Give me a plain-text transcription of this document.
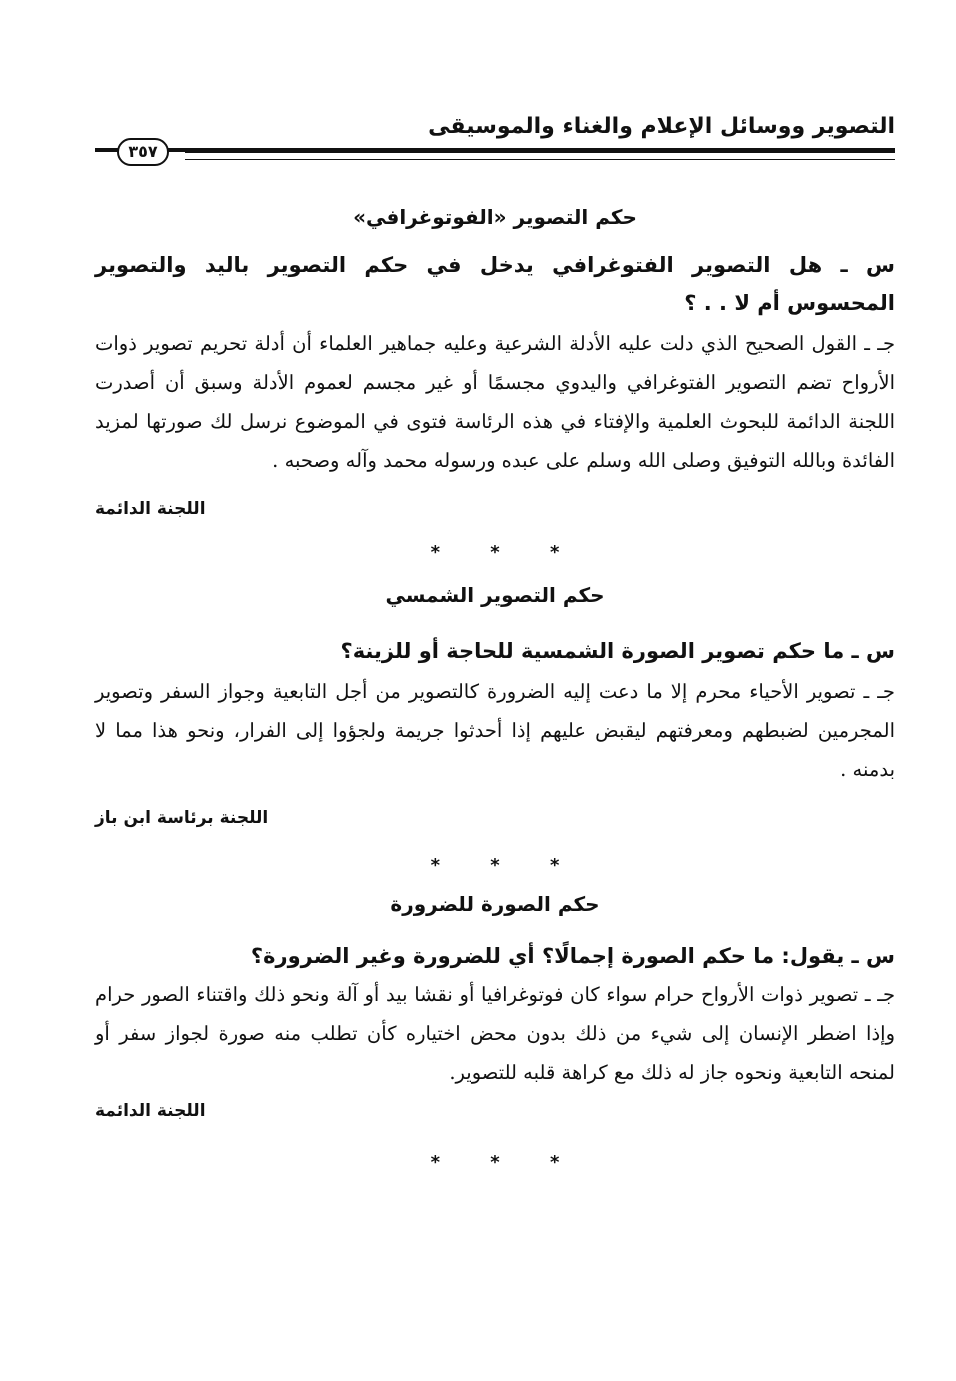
التصوير ووسائل الإعلام والغناء والموسيقى
٣٥٧
حكم التصوير «الفوتوغرافي»

س ـ هل التصوير الفتوغرافي يدخل في حكم التصوير باليد والتصوير المحسوس أم لا . . ؟

جـ ـ القول الصحيح الذي دلت عليه الأدلة الشرعية وعليه جماهير العلماء أن أدلة تحريم تصوير ذوات الأرواح تضم التصوير الفتوغرافي واليدوي مجسمًا أو غير مجسم لعموم الأدلة وسبق أن أصدرت اللجنة الدائمة للبحوث العلمية والإفتاء في هذه الرئاسة فتوى في الموضوع نرسل لك صورتها لمزيد الفائدة وبالله التوفيق وصلى الله وسلم على عبده ورسوله محمد وآله وصحبه .

اللجنة الدائمة

* * *

حكم التصوير الشمسي

س ـ ما حكم تصوير الصورة الشمسية للحاجة أو للزينة؟

جـ ـ تصوير الأحياء محرم إلا ما دعت إليه الضرورة كالتصوير من أجل التابعية وجواز السفر وتصوير المجرمين لضبطهم ومعرفتهم ليقبض عليهم إذا أحدثوا جريمة ولجؤوا إلى الفرار، ونحو هذا مما لا بدمنه .

اللجنة برئاسة ابن باز

* * *

حكم الصورة للضرورة

س ـ يقول: ما حكم الصورة إجمالًا؟ أي للضرورة وغير الضرورة؟

جـ ـ تصوير ذوات الأرواح حرام سواء كان فوتوغرافيا أو نقشا بيد أو آلة ونحو ذلك واقتناء الصور حرام وإذا اضطر الإنسان إلى شيء من ذلك بدون محض اختياره كأن تطلب منه صورة لجواز سفر أو لمنحه التابعية ونحوه جاز له ذلك مع كراهة قلبه للتصوير.

اللجنة الدائمة

* * *
